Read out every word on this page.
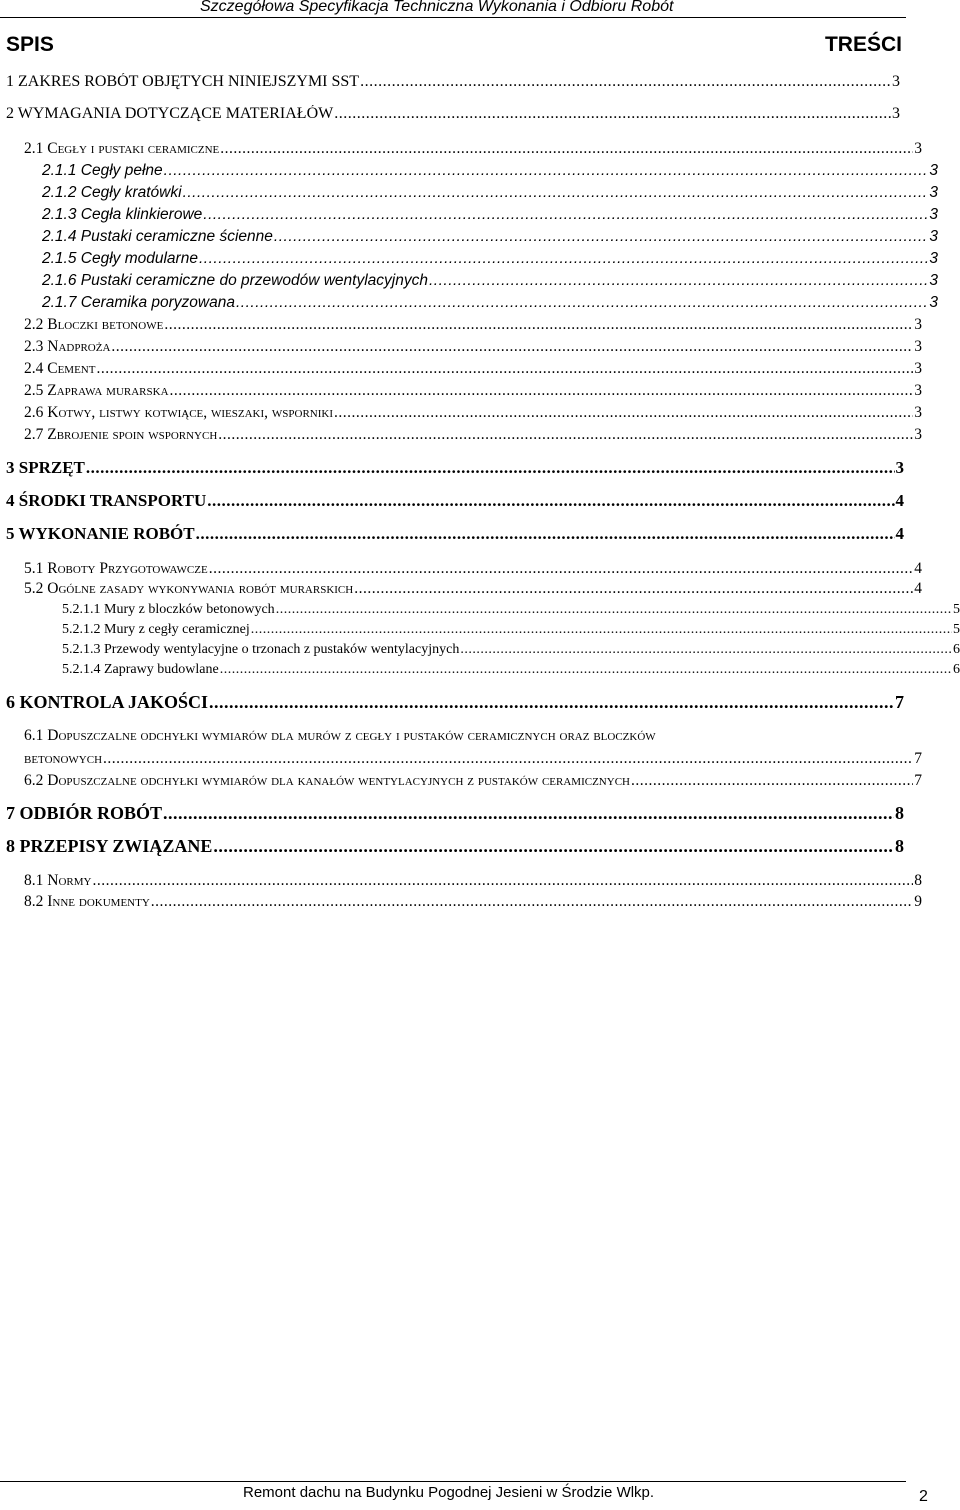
Szczegółowa Specyfikacja Techniczna Wykonania i Odbioru Robót
SPIS	TREŚCI
1 ZAKRES ROBÓT OBJĘTYCH NINIEJSZYMI SST .....	3
2 WYMAGANIA DOTYCZĄCE MATERIAŁÓW .....	3
2.1 Cegły i pustaki ceramiczne .....	3
2.1.1 Cegły pełne .....	3
2.1.2 Cegły kratówki .....	3
2.1.3 Cegła klinkierowe .....	3
2.1.4 Pustaki ceramiczne ścienne .....	3
2.1.5 Cegły modularne .....	3
2.1.6 Pustaki ceramiczne do przewodów wentylacyjnych .....	3
2.1.7 Ceramika poryzowana .....	3
2.2 Bloczki betonowe .....	3
2.3 Nadproża .....	3
2.4 Cement .....	3
2.5 Zaprawa murarska .....	3
2.6 Kotwy, listwy kotwiące, wieszaki, wsporniki .....	3
2.7 Zbrojenie spoin wspornych .....	3
3 SPRZĘT .....	3
4 ŚRODKI TRANSPORTU .....	4
5 WYKONANIE ROBÓT .....	4
5.1 Roboty Przygotowawcze .....	4
5.2 Ogólne zasady wykonywania robót murarskich .....	4
5.2.1.1 Mury z bloczków betonowych .....	5
5.2.1.2 Mury z cegły ceramicznej .....	5
5.2.1.3 Przewody wentylacyjne o trzonach z pustaków wentylacyjnych .....	6
5.2.1.4 Zaprawy budowlane .....	6
6 KONTROLA JAKOŚCI .....	7
6.1 Dopuszczalne odchyłki wymiarów dla murów z cegły i pustaków ceramicznych oraz bloczków
betonowych .....	7
6.2 Dopuszczalne odchyłki wymiarów dla kanałów wentylacyjnych z pustaków ceramicznych .....	7
7 ODBIÓR ROBÓT .....	8
8 PRZEPISY ZWIĄZANE .....	8
8.1 Normy .....	8
8.2 Inne dokumenty .....	9
Remont dachu na Budynku Pogodnej Jesieni w Środzie Wlkp.	2
